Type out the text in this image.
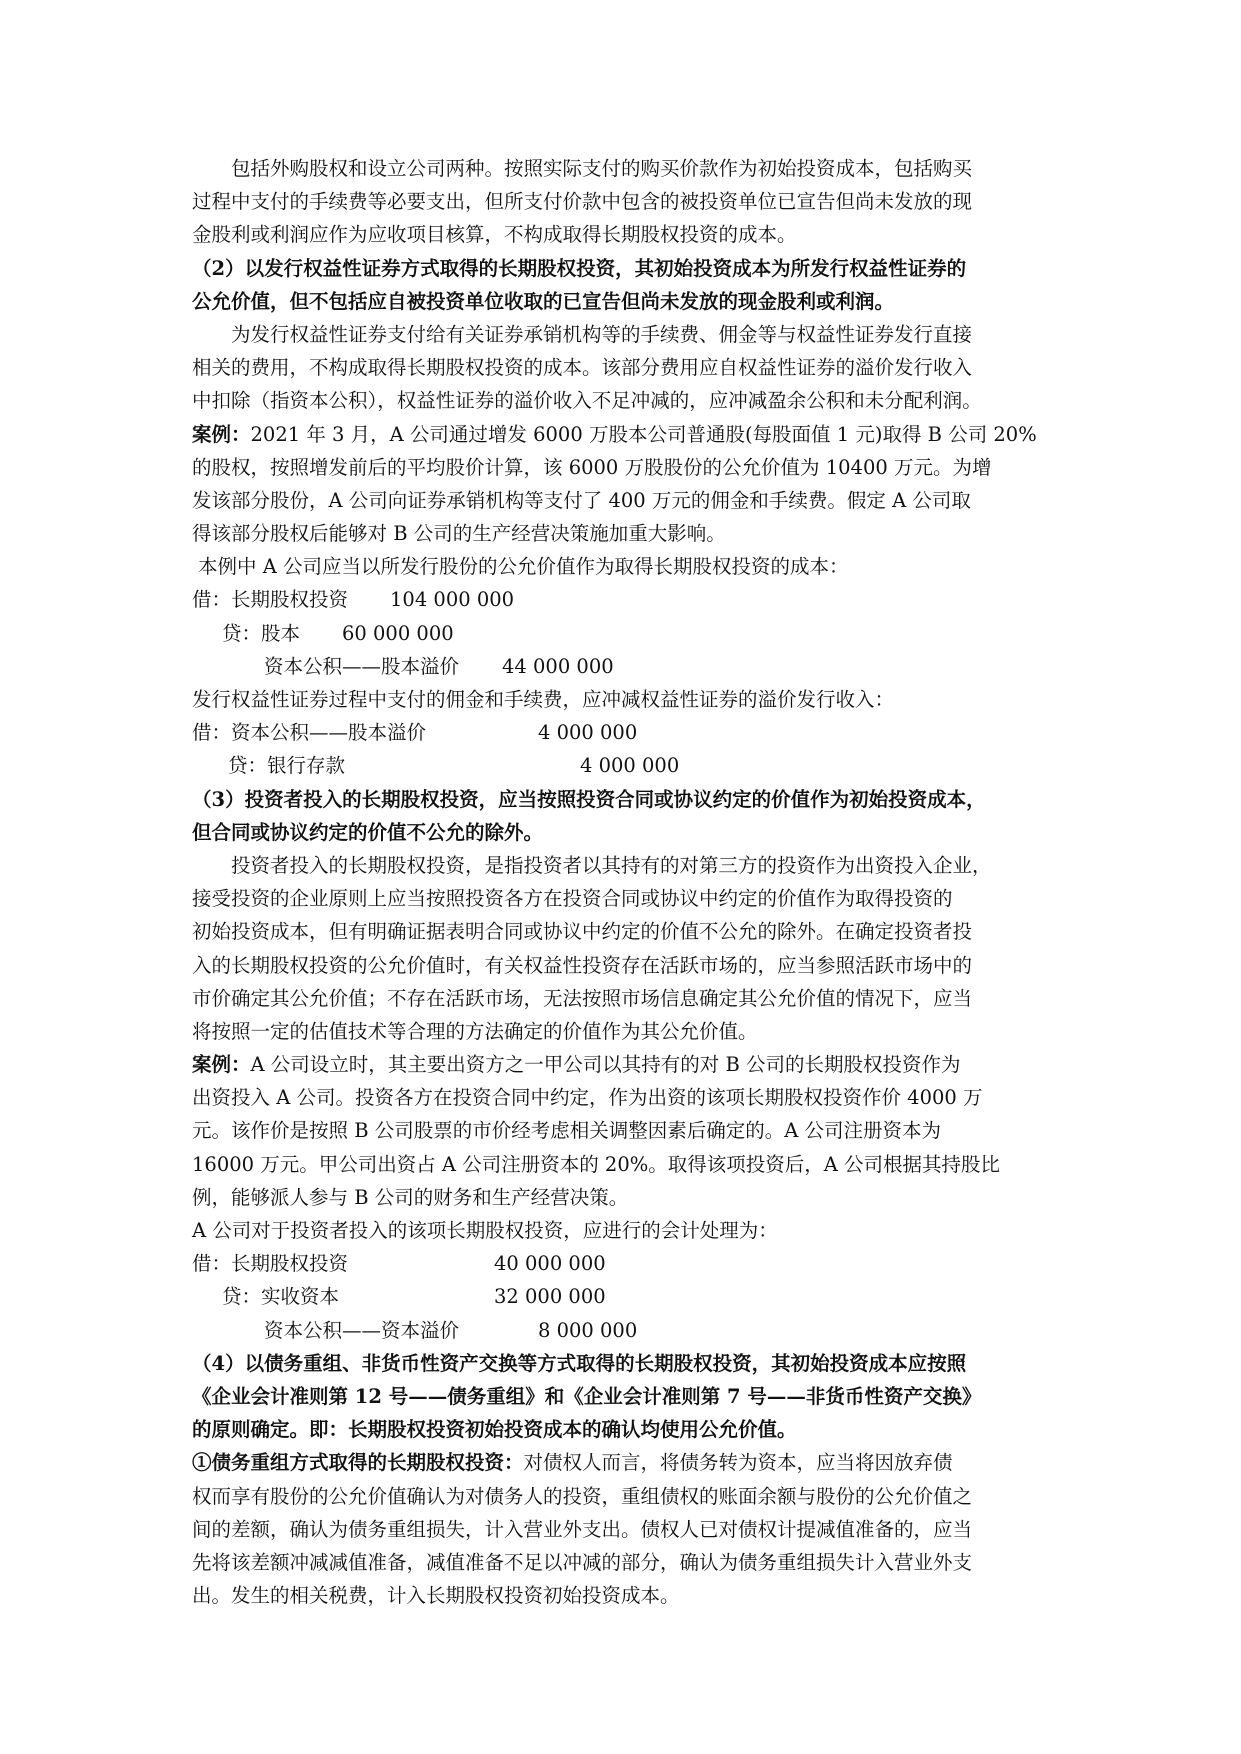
包括外购股权和设立公司两种。按照实际支付的购买价款作为初始投资成本，包括购买
过程中支付的手续费等必要支出，但所支付价款中包含的被投资单位已宣告但尚未发放的现
金股利或利润应作为应收项目核算，不构成取得长期股权投资的成本。
（2）以发行权益性证券方式取得的长期股权投资，其初始投资成本为所发行权益性证券的
公允价值，但不包括应自被投资单位收取的已宣告但尚未发放的现金股利或利润。
为发行权益性证券支付给有关证券承销机构等的手续费、佣金等与权益性证券发行直接
相关的费用，不构成取得长期股权投资的成本。该部分费用应自权益性证券的溢价发行收入
中扣除（指资本公积），权益性证券的溢价收入不足冲减的，应冲减盈余公积和未分配利润。
案例：2021 年 3 月，A 公司通过增发 6000 万股本公司普通股(每股面值 1 元)取得 B 公司 20%
的股权，按照增发前后的平均股价计算，该 6000 万股股份的公允价值为 10400 万元。为增
发该部分股份，A 公司向证券承销机构等支付了 400 万元的佣金和手续费。假定 A 公司取
得该部分股权后能够对 B 公司的生产经营决策施加重大影响。
本例中 A 公司应当以所发行股份的公允价值作为取得长期股权投资的成本：
借：长期股权投资 104 000 000
贷：股本 60 000 000
资本公积——股本溢价 44 000 000
发行权益性证券过程中支付的佣金和手续费，应冲减权益性证券的溢价发行收入：
借：资本公积——股本溢价	4 000 000
贷：银行存款	4 000 000
（3）投资者投入的长期股权投资，应当按照投资合同或协议约定的价值作为初始投资成本，
但合同或协议约定的价值不公允的除外。
投资者投入的长期股权投资，是指投资者以其持有的对第三方的投资作为出资投入企业，
接受投资的企业原则上应当按照投资各方在投资合同或协议中约定的价值作为取得投资的
初始投资成本，但有明确证据表明合同或协议中约定的价值不公允的除外。在确定投资者投
入的长期股权投资的公允价值时，有关权益性投资存在活跃市场的，应当参照活跃市场中的
市价确定其公允价值；不存在活跃市场，无法按照市场信息确定其公允价值的情况下，应当
将按照一定的估值技术等合理的方法确定的价值作为其公允价值。
案例：A 公司设立时，其主要出资方之一甲公司以其持有的对 B 公司的长期股权投资作为
出资投入 A 公司。投资各方在投资合同中约定，作为出资的该项长期股权投资作价 4000 万
元。该作价是按照 B 公司股票的市价经考虑相关调整因素后确定的。A 公司注册资本为
16000 万元。甲公司出资占 A 公司注册资本的 20%。取得该项投资后，A 公司根据其持股比
例，能够派人参与 B 公司的财务和生产经营决策。
A 公司对于投资者投入的该项长期股权投资，应进行的会计处理为：
借：长期股权投资	40 000 000
贷：实收资本	32 000 000
资本公积——资本溢价	8 000 000
（4）以债务重组、非货币性资产交换等方式取得的长期股权投资，其初始投资成本应按照
《企业会计准则第 12 号——债务重组》和《企业会计准则第 7 号——非货币性资产交换》
的原则确定。即：长期股权投资初始投资成本的确认均使用公允价值。
①债务重组方式取得的长期股权投资：对债权人而言，将债务转为资本，应当将因放弃债
权而享有股份的公允价值确认为对债务人的投资，重组债权的账面余额与股份的公允价值之
间的差额，确认为债务重组损失，计入营业外支出。债权人已对债权计提减值准备的，应当
先将该差额冲减减值准备，减值准备不足以冲减的部分，确认为债务重组损失计入营业外支
出。发生的相关税费，计入长期股权投资初始投资成本。
